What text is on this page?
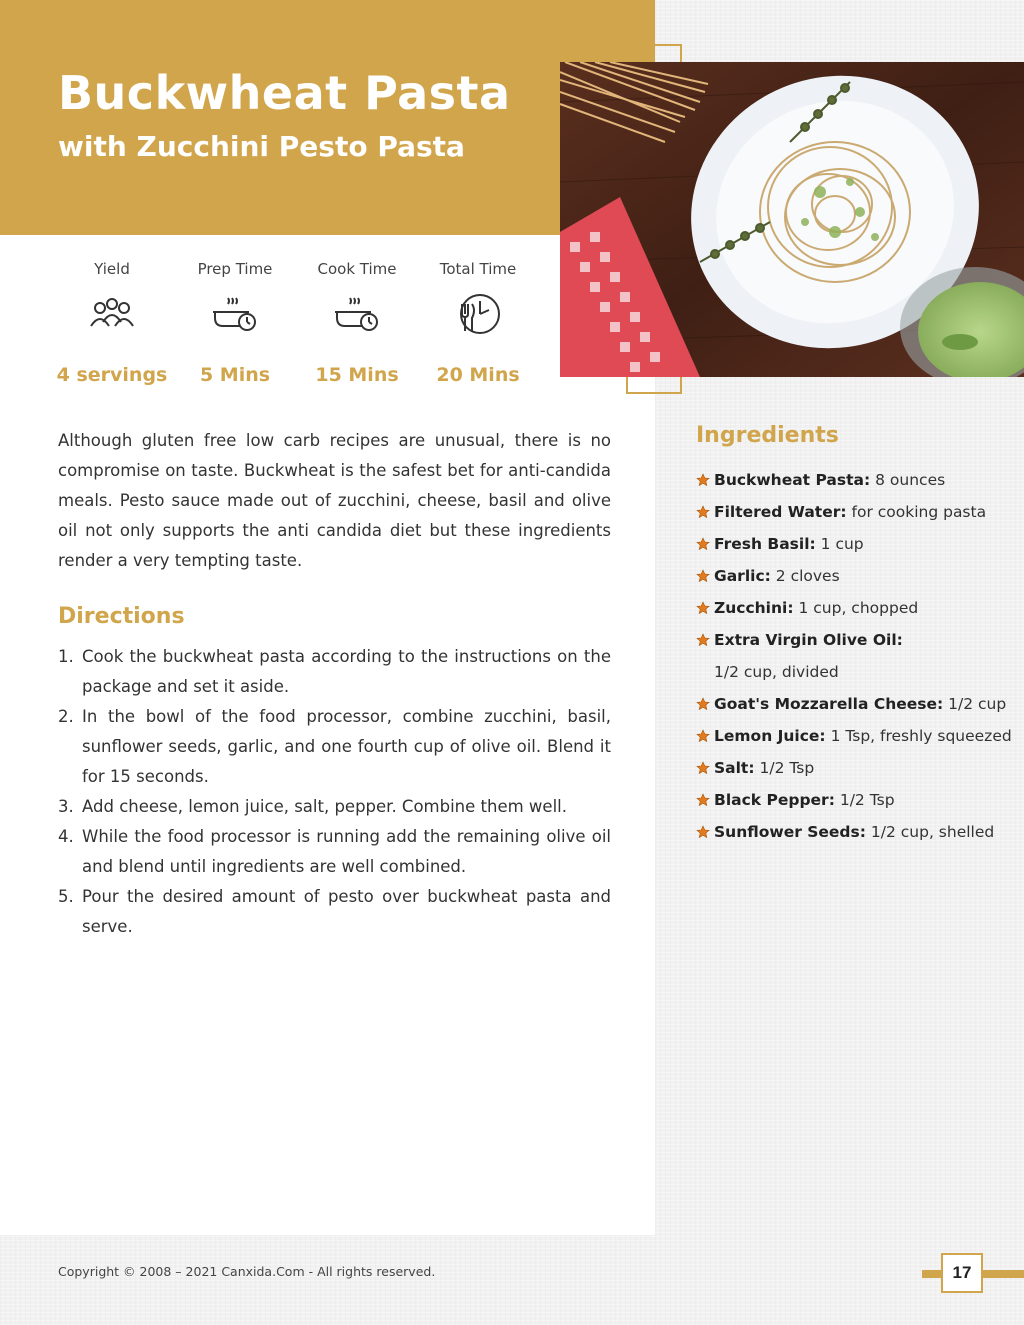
Buckwheat Pasta
with Zucchini Pesto Pasta
Yield
4 servings
Prep Time
5 Mins
Cook Time
15 Mins
Total Time
20 Mins

Although gluten free low carb recipes are unusual, there is no compromise on taste. Buckwheat is the safest bet for anti-candida meals. Pesto sauce made out of zucchini, cheese, basil and olive oil not only supports the anti candida diet but these ingredients render a very tempting taste.

Directions
1. Cook the buckwheat pasta according to the instructions on the package and set it aside.
2. In the bowl of the food processor, combine zucchini, basil, sunflower seeds, garlic, and one fourth cup of olive oil. Blend it for 15 seconds.
3. Add cheese, lemon juice, salt, pepper. Combine them well.
4. While the food processor is running add the remaining olive oil and blend until ingredients are well combined.
5. Pour the desired amount of pesto over buckwheat pasta and serve.
Ingredients
Buckwheat Pasta: 8 ounces
Filtered Water: for cooking pasta
Fresh Basil: 1 cup
Garlic: 2 cloves
Zucchini: 1 cup, chopped
Extra Virgin Olive Oil:
1/2 cup, divided
Goat's Mozzarella Cheese: 1/2 cup
Lemon Juice: 1 Tsp, freshly squeezed
Salt: 1/2 Tsp
Black Pepper: 1/2 Tsp
Sunflower Seeds: 1/2 cup, shelled
Copyright © 2008 – 2021 Canxida.Com - All rights reserved.	17
